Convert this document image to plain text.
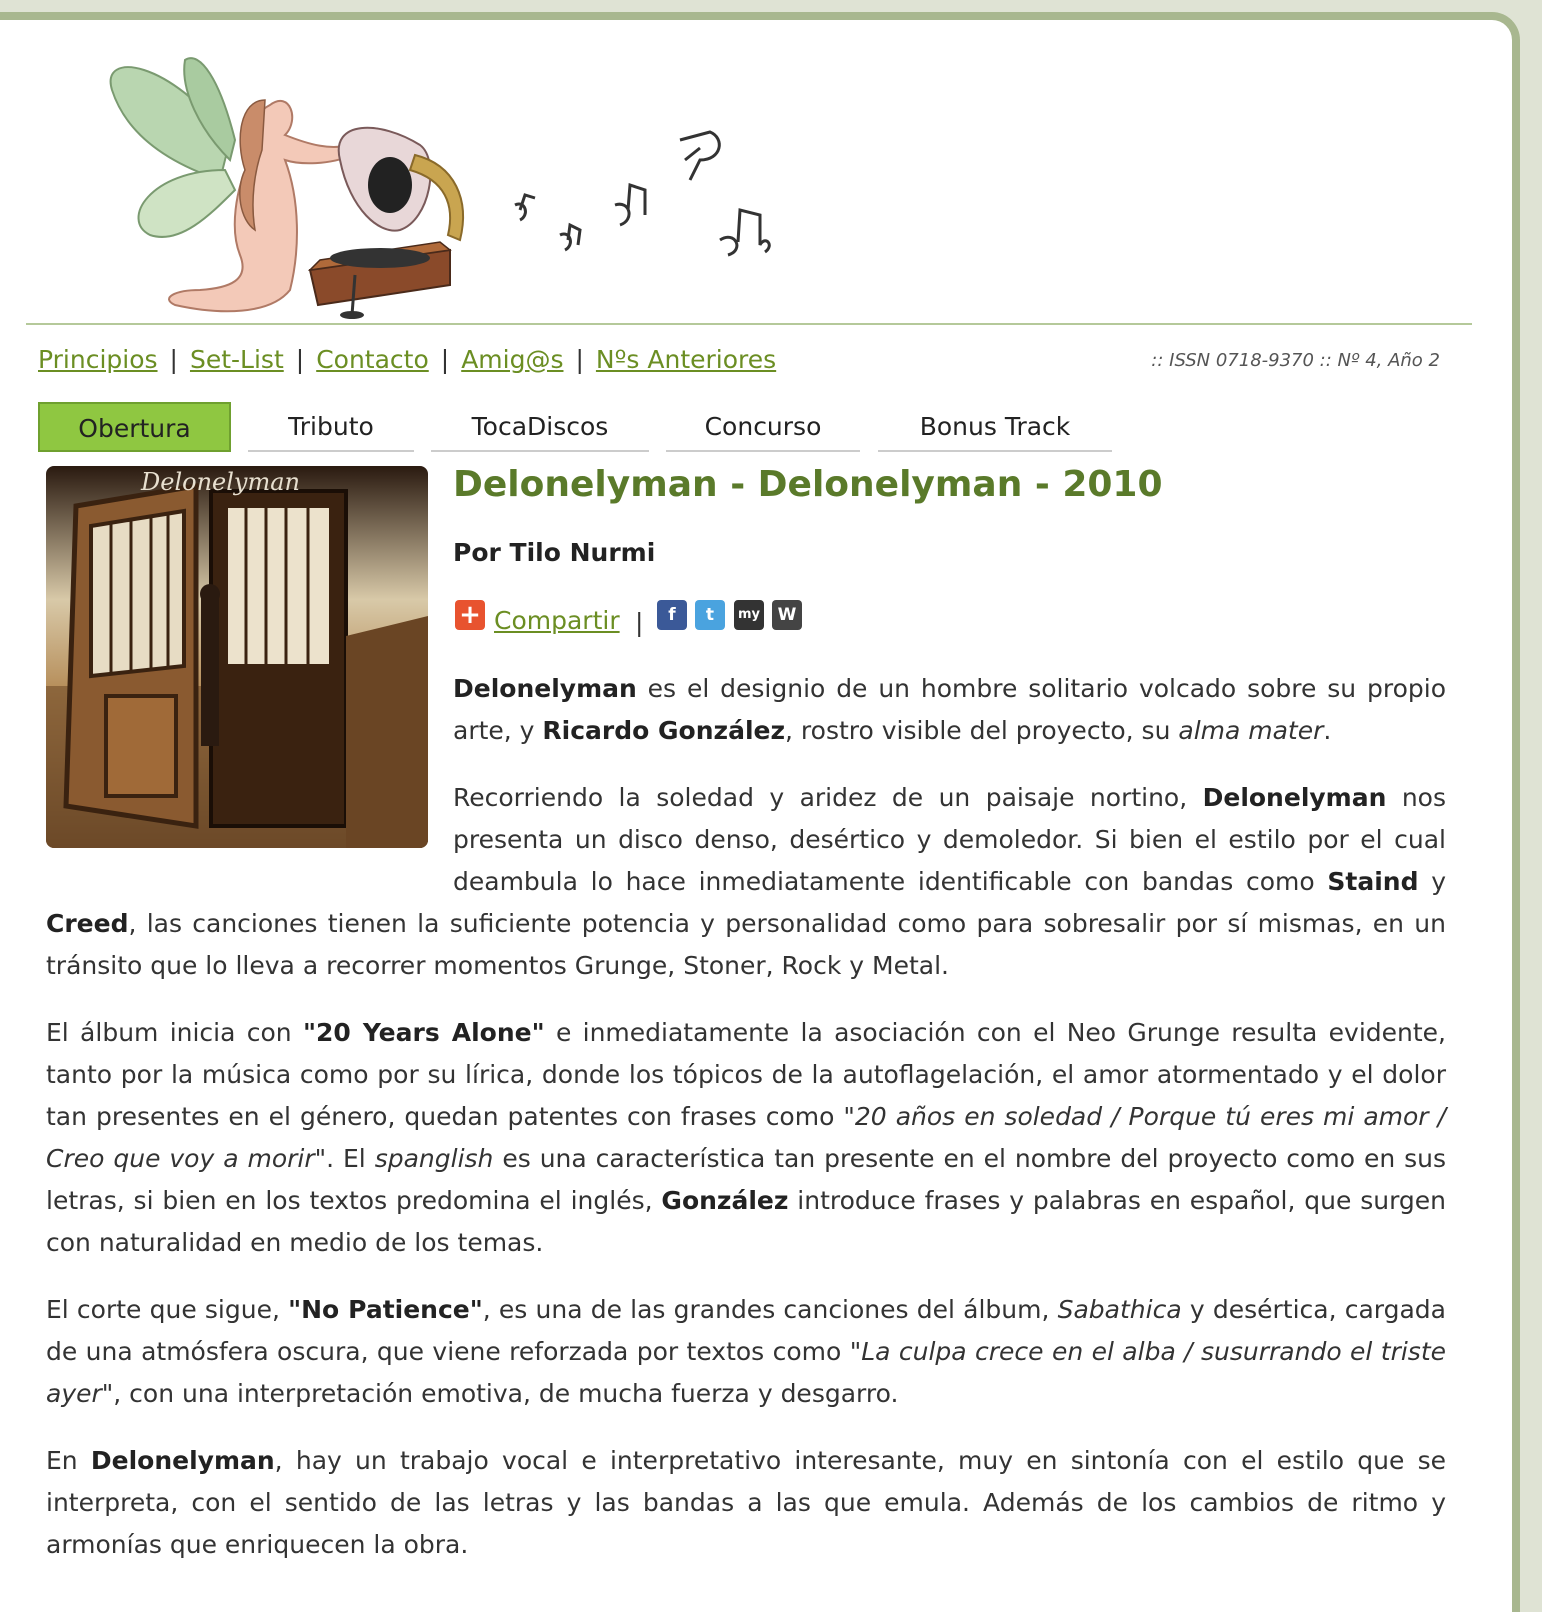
Principios | Set-List | Contacto | Amig@s | Nºs Anteriores	:: ISSN 0718-9370 :: Nº 4, Año 2
Obertura	Tributo	TocaDiscos	Concurso	Bonus Track
Delonelyman	Delonelyman - Delonelyman - 2010
Por Tilo Nurmi
+ Compartir |	f	t	my	W

Delonelyman es el designio de un hombre solitario volcado sobre su propio arte, y Ricardo González, rostro visible del proyecto, su alma mater.

Recorriendo la soledad y aridez de un paisaje nortino, Delonelyman nos presenta un disco denso, desértico y demoledor. Si bien el estilo por el cual deambula lo hace inmediatamente identificable con bandas como Staind y Creed, las canciones tienen la suficiente potencia y personalidad como para sobresalir por sí mismas, en un tránsito que lo lleva a recorrer momentos Grunge, Stoner, Rock y Metal.

El álbum inicia con "20 Years Alone" e inmediatamente la asociación con el Neo Grunge resulta evidente, tanto por la música como por su lírica, donde los tópicos de la autoflagelación, el amor atormentado y el dolor tan presentes en el género, quedan patentes con frases como "20 años en soledad / Porque tú eres mi amor / Creo que voy a morir". El spanglish es una característica tan presente en el nombre del proyecto como en sus letras, si bien en los textos predomina el inglés, González introduce frases y palabras en español, que surgen con naturalidad en medio de los temas.

El corte que sigue, "No Patience", es una de las grandes canciones del álbum, Sabathica y desértica, cargada de una atmósfera oscura, que viene reforzada por textos como "La culpa crece en el alba / susurrando el triste ayer", con una interpretación emotiva, de mucha fuerza y desgarro.

En Delonelyman, hay un trabajo vocal e interpretativo interesante, muy en sintonía con el estilo que se interpreta, con el sentido de las letras y las bandas a las que emula. Además de los cambios de ritmo y armonías que enriquecen la obra.
